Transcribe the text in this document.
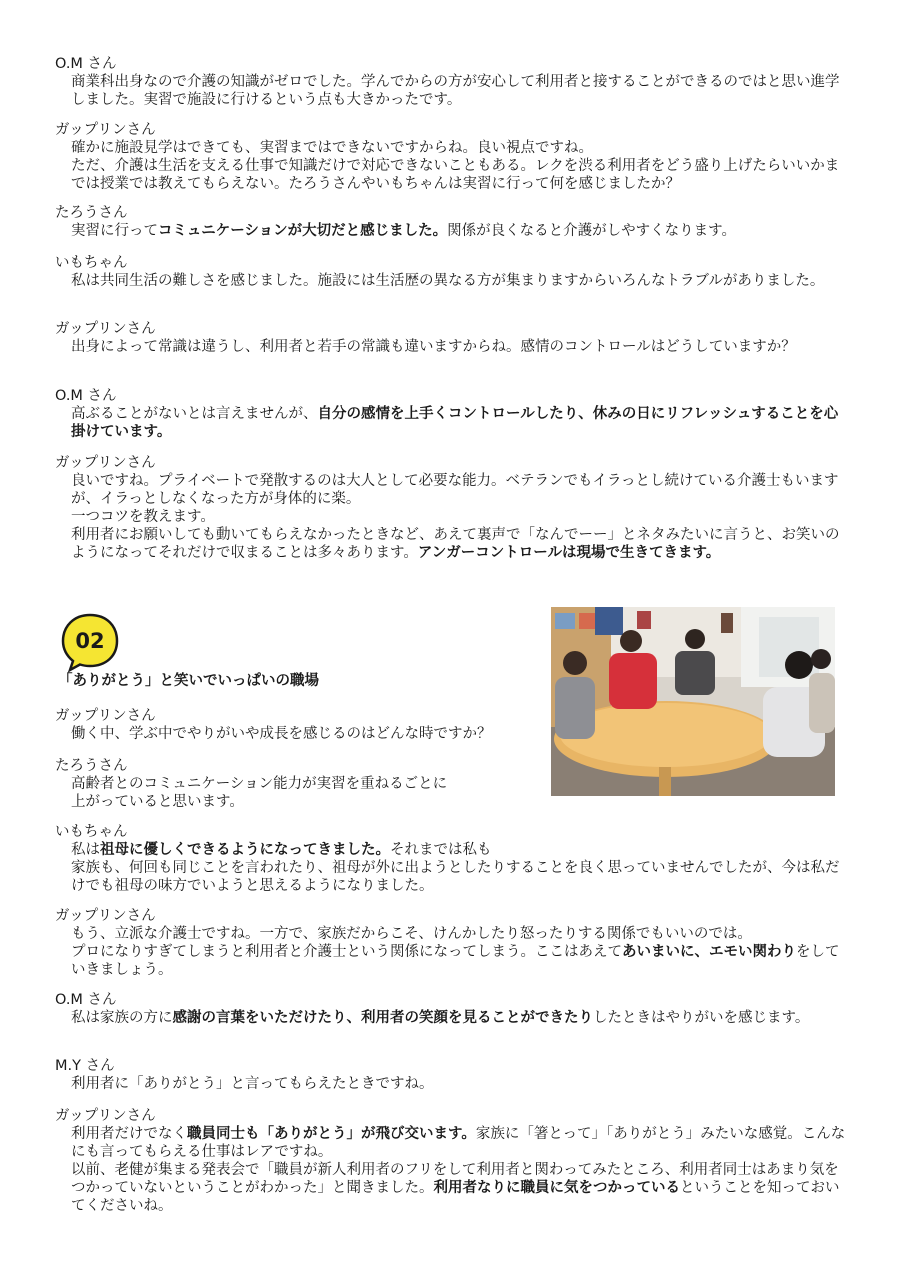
O.M さん
商業科出身なので介護の知識がゼロでした。学んでからの方が安心して利用者と接することができるのではと思い進学しました。実習で施設に行けるという点も大きかったです。
ガップリンさん

確かに施設見学はできても、実習まではできないですからね。良い視点ですね。

ただ、介護は生活を支える仕事で知識だけで対応できないこともある。レクを渋る利用者をどう盛り上げたらいいかまでは授業では教えてもらえない。たろうさんやいもちゃんは実習に行って何を感じましたか？

たろうさん
実習に行ってコミュニケーションが大切だと感じました。関係が良くなると介護がしやすくなります。
いもちゃん
私は共同生活の難しさを感じました。施設には生活歴の異なる方が集まりますからいろんなトラブルがありました。
ガップリンさん
出身によって常識は違うし、利用者と若手の常識も違いますからね。感情のコントロールはどうしていますか？
O.M さん
高ぶることがないとは言えませんが、自分の感情を上手くコントロールしたり、休みの日にリフレッシュすることを心掛けています。
ガップリンさん

良いですね。プライベートで発散するのは大人として必要な能力。ベテランでもイラっとし続けている介護士もいますが、イラっとしなくなった方が身体的に楽。

一つコツを教えます。

利用者にお願いしても動いてもらえなかったときなど、あえて裏声で「なんでーー」とネタみたいに言うと、お笑いのようになってそれだけで収まることは多々あります。アンガーコントロールは現場で生きてきます。

02
「ありがとう」と笑いでいっぱいの職場
ガップリンさん
働く中、学ぶ中でやりがいや成長を感じるのはどんな時ですか？
たろうさん

高齢者とのコミュニケーション能力が実習を重ねるごとに

上がっていると思います。

いもちゃん

私は祖母に優しくできるようになってきました。それまでは私も

家族も、何回も同じことを言われたり、祖母が外に出ようとしたりすることを良く思っていませんでしたが、今は私だけでも祖母の味方でいようと思えるようになりました。

ガップリンさん

もう、立派な介護士ですね。一方で、家族だからこそ、けんかしたり怒ったりする関係でもいいのでは。

プロになりすぎてしまうと利用者と介護士という関係になってしまう。ここはあえてあいまいに、エモい関わりをしていきましょう。

O.M さん
私は家族の方に感謝の言葉をいただけたり、利用者の笑顔を見ることができたりしたときはやりがいを感じます。
M.Y さん
利用者に「ありがとう」と言ってもらえたときですね。
ガップリンさん

利用者だけでなく職員同士も「ありがとう」が飛び交います。家族に「箸とって」「ありがとう」みたいな感覚。こんなにも言ってもらえる仕事はレアですね。

以前、老健が集まる発表会で「職員が新人利用者のフリをして利用者と関わってみたところ、利用者同士はあまり気をつかっていないということがわかった」と聞きました。利用者なりに職員に気をつかっているということを知っておいてくださいね。
